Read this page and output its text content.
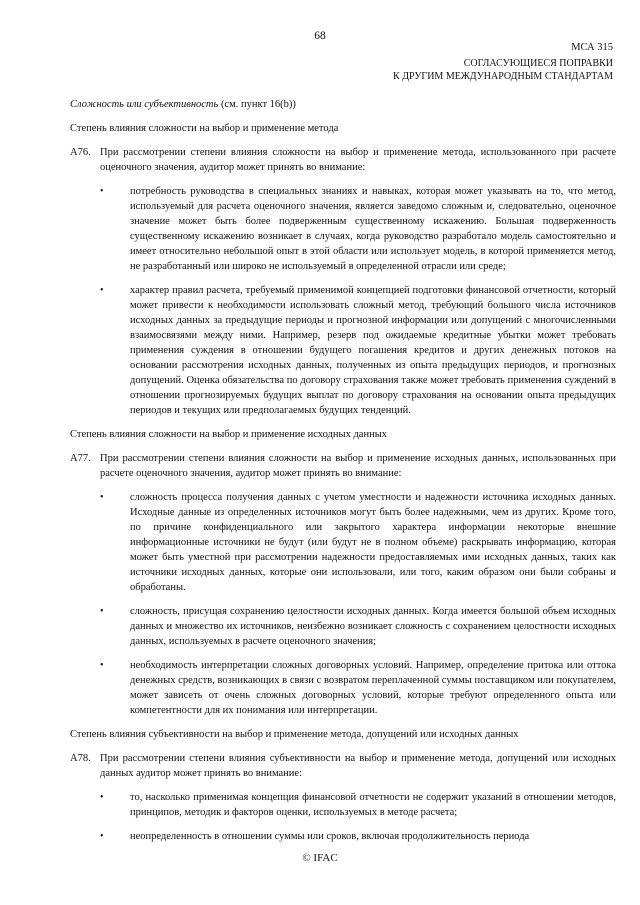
68
МСА 315
СОГЛАСУЮЩИЕСЯ ПОПРАВКИ
К ДРУГИМ МЕЖДУНАРОДНЫМ СТАНДАРТАМ
Сложность или субъективность (см. пункт 16(b))
Степень влияния сложности на выбор и применение метода
A76. При рассмотрении степени влияния сложности на выбор и применение метода, использованного при расчете оценочного значения, аудитор может принять во внимание:
•	потребность руководства в специальных знаниях и навыках, которая может указывать на то, что метод, используемый для расчета оценочного значения, является заведомо сложным и, следовательно, оценочное значение может быть более подверженным существенному искажению. Большая подверженность существенному искажению возникает в случаях, когда руководство разработало модель самостоятельно и имеет относительно небольшой опыт в этой области или использует модель, в которой применяется метод, не разработанный или широко не используемый в определенной отрасли или среде;
•	характер правил расчета, требуемый применимой концепцией подготовки финансовой отчетности, который может привести к необходимости использовать сложный метод, требующий большого числа источников исходных данных за предыдущие периоды и прогнозной информации или допущений с многочисленными взаимосвязями между ними. Например, резерв под ожидаемые кредитные убытки может требовать применения суждения в отношении будущего погашения кредитов и других денежных потоков на основании рассмотрения исходных данных, полученных из опыта предыдущих периодов, и прогнозных допущений. Оценка обязательства по договору страхования также может требовать применения суждений в отношении прогнозируемых будущих выплат по договору страхования на основании опыта предыдущих периодов и текущих или предполагаемых будущих тенденций.
Степень влияния сложности на выбор и применение исходных данных
A77. При рассмотрении степени влияния сложности на выбор и применение исходных данных, использованных при расчете оценочного значения, аудитор может принять во внимание:
•	сложность процесса получения данных с учетом уместности и надежности источника исходных данных. Исходные данные из определенных источников могут быть более надежными, чем из других. Кроме того, по причине конфиденциального или закрытого характера информации некоторые внешние информационные источники не будут (или будут не в полном объеме) раскрывать информацию, которая может быть уместной при рассмотрении надежности предоставляемых ими исходных данных, таких как источники исходных данных, которые они использовали, или того, каким образом они были собраны и обработаны.
•	сложность, присущая сохранению целостности исходных данных. Когда имеется большой объем исходных данных и множество их источников, неизбежно возникает сложность с сохранением целостности исходных данных, используемых в расчете оценочного значения;
•	необходимость интерпретации сложных договорных условий. Например, определение притока или оттока денежных средств, возникающих в связи с возвратом переплаченной суммы поставщиком или покупателем, может зависеть от очень сложных договорных условий, которые требуют определенного опыта или компетентности для их понимания или интерпретации.
Степень влияния субъективности на выбор и применение метода, допущений или исходных данных
A78. При рассмотрении степени влияния субъективности на выбор и применение метода, допущений или исходных данных аудитор может принять во внимание:
•	то, насколько применимая концепция финансовой отчетности не содержит указаний в отношении методов, принципов, методик и факторов оценки, используемых в методе расчета;
•	неопределенность в отношении суммы или сроков, включая продолжительность периода
© IFAC
